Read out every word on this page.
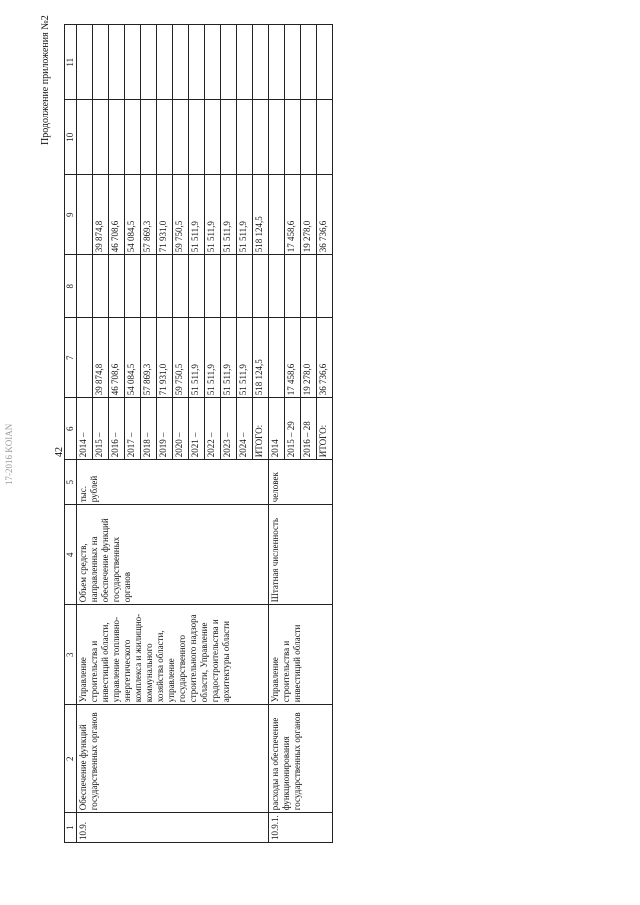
17-2016 KOIAN
Продолжение приложения №2
42
1	2	3	4	5	6	7	8	9	10	11
10.9.	Обеспечение функций государственных органов	Управление строительства и инвестиций области, управление топливно-энергетического комплекса и жилищно-коммунального хозяйства области, управление государственного строительного надзора области, Управление градостроительства и архитектуры области	Объем средств, направленных на обеспечение функций государственных органов	тыс. рублей	2014 –					
					2015 –	39 874,8		39 874,8		
					2016 –	46 708,6		46 708,6		
					2017 –	54 084,5		54 084,5		
					2018 –	57 869,3		57 869,3		
					2019 –	71 931,0		71 931,0		
					2020 –	59 750,5		59 750,5		
					2021 –	51 511,9		51 511,9		
					2022 –	51 511,9		51 511,9		
					2023 –	51 511,9		51 511,9		
					2024 –	51 511,9		51 511,9		
					ИТОГО:	518 124,5		518 124,5		
10.9.1.	расходы на обеспечение функционирования государственных органов	Управление строительства и инвестиций области	Штатная численность	человек	2014					
					2015 – 29	17 458,6		17 458,6		
					2016 – 28	19 278,0		19 278,0		
					ИТОГО:	36 736,6		36 736,6		
